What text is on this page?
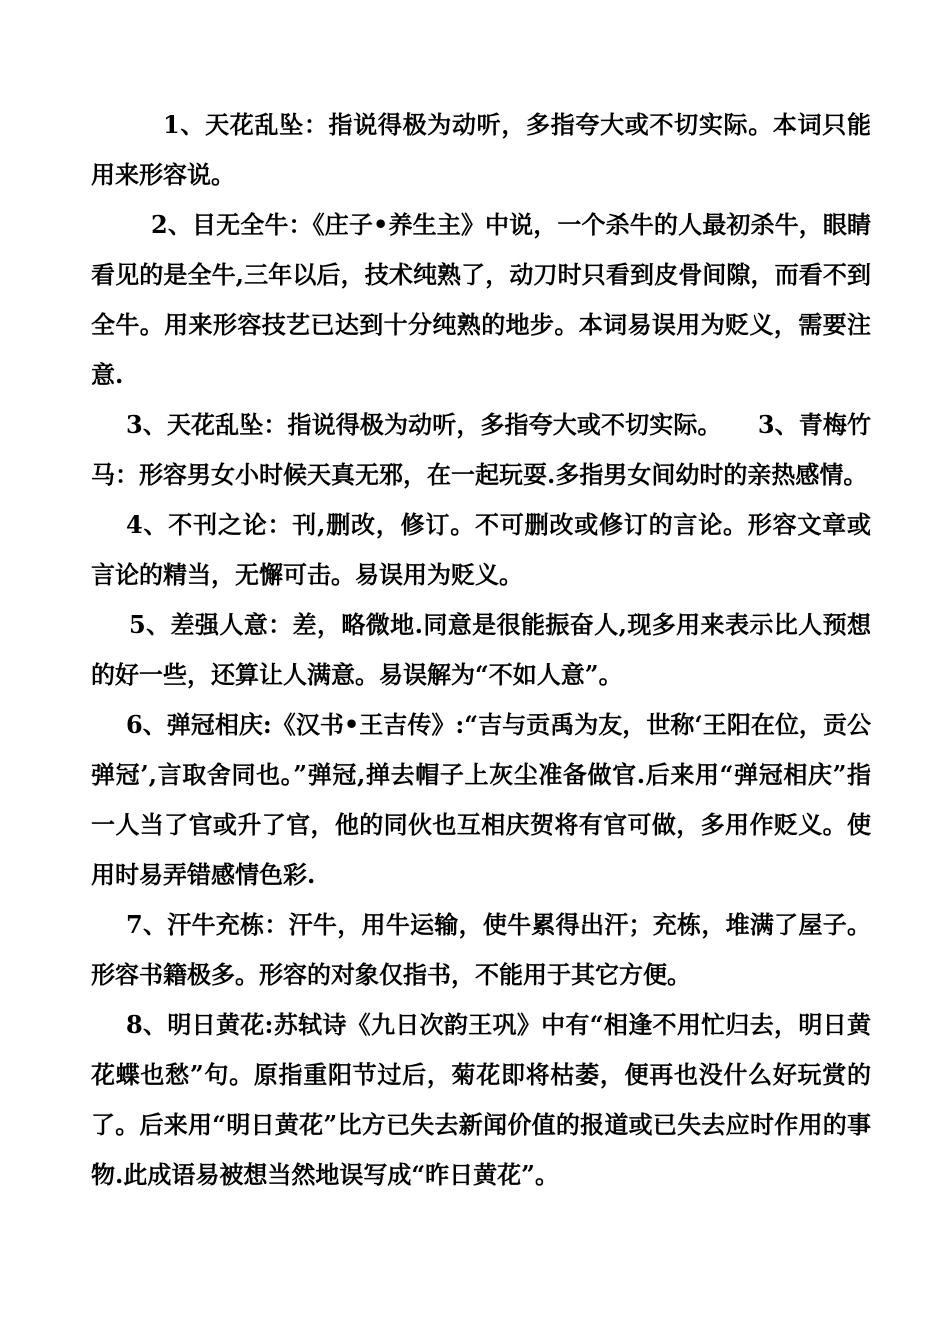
1、天花乱坠：指说得极为动听，多指夸大或不切实际。本词只能用来形容说。

2、目无全牛：《庄子•养生主》中说，一个杀牛的人最初杀牛，眼睛看见的是全牛,三年以后，技术纯熟了，动刀时只看到皮骨间隙，而看不到全牛。用来形容技艺已达到十分纯熟的地步。本词易误用为贬义，需要注意.

3、天花乱坠：指说得极为动听，多指夸大或不切实际。　　3、青梅竹马：形容男女小时候天真无邪，在一起玩耍.多指男女间幼时的亲热感情。

4、不刊之论：刊,删改，修订。不可删改或修订的言论。形容文章或言论的精当，无懈可击。易误用为贬义。

5、差强人意：差，略微地.同意是很能振奋人,现多用来表示比人预想的好一些，还算让人满意。易误解为“不如人意”。

6、弹冠相庆:《汉书•王吉传》:“吉与贡禹为友，世称‘王阳在位，贡公弹冠’,言取舍同也。”弹冠,掸去帽子上灰尘准备做官.后来用“弹冠相庆”指一人当了官或升了官，他的同伙也互相庆贺将有官可做，多用作贬义。使用时易弄错感情色彩.

7、汗牛充栋：汗牛，用牛运输，使牛累得出汗；充栋，堆满了屋子。形容书籍极多。形容的对象仅指书，不能用于其它方便。

8、明日黄花:苏轼诗《九日次韵王巩》中有“相逢不用忙归去，明日黄花蝶也愁”句。原指重阳节过后，菊花即将枯萎，便再也没什么好玩赏的了。后来用“明日黄花”比方已失去新闻价值的报道或已失去应时作用的事物.此成语易被想当然地误写成“昨日黄花”。
